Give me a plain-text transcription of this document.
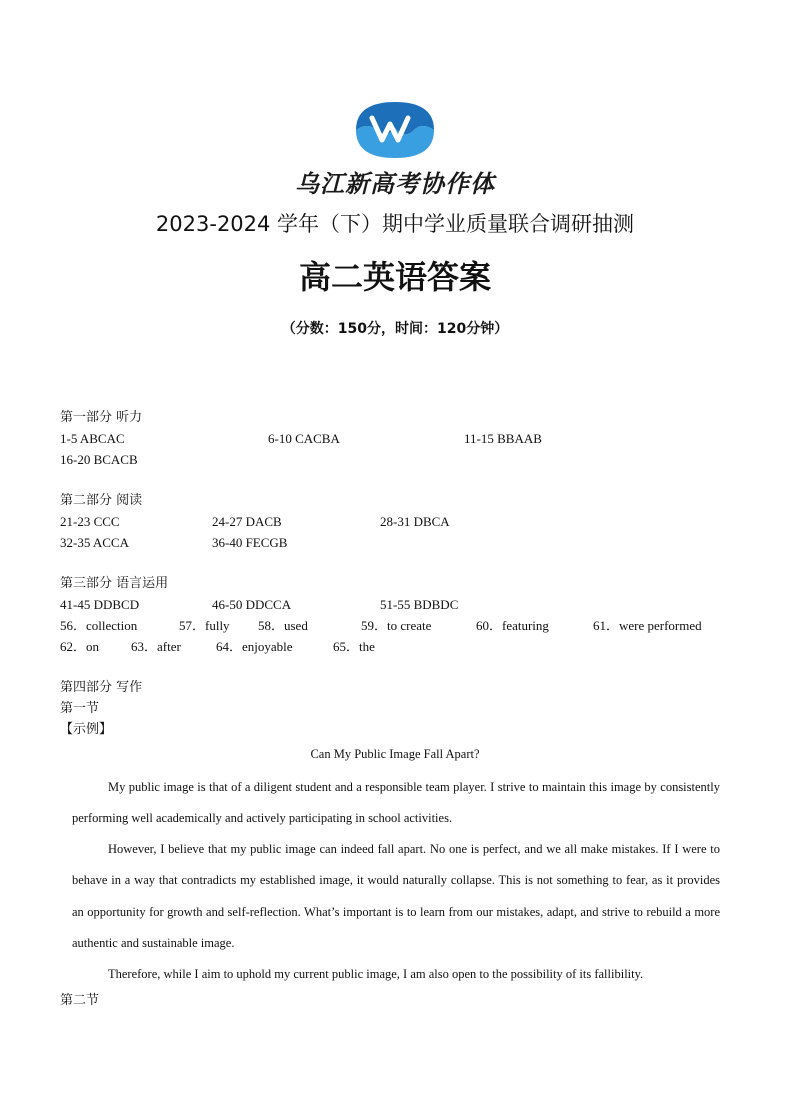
乌江新高考协作体
2023-2024 学年（下）期中学业质量联合调研抽测
高二英语答案
（分数：150分，时间：120分钟）
第一部分 听力
1-5 ABCAC	6-10 CACBA	11-15 BBAAB
16-20 BCACB
第二部分 阅读
21-23 CCC	24-27 DACB	28-31 DBCA
32-35 ACCA	36-40 FECGB
第三部分 语言运用
41-45 DDBCD	46-50 DDCCA	51-55 BDBDC
56．collection	57．fully 58．used	59．to create	60．featuring	61．were performed
62．on 63．after	64．enjoyable	65．the
第四部分 写作
第一节
【示例】
Can My Public Image Fall Apart?

My public image is that of a diligent student and a responsible team player. I strive to maintain this image by consistently performing well academically and actively participating in school activities.

However, I believe that my public image can indeed fall apart. No one is perfect, and we all make mistakes. If I were to behave in a way that contradicts my established image, it would naturally collapse. This is not something to fear, as it provides an opportunity for growth and self-reflection. What’s important is to learn from our mistakes, adapt, and strive to rebuild a more authentic and sustainable image.

Therefore, while I aim to uphold my current public image, I am also open to the possibility of its fallibility.

第二节
